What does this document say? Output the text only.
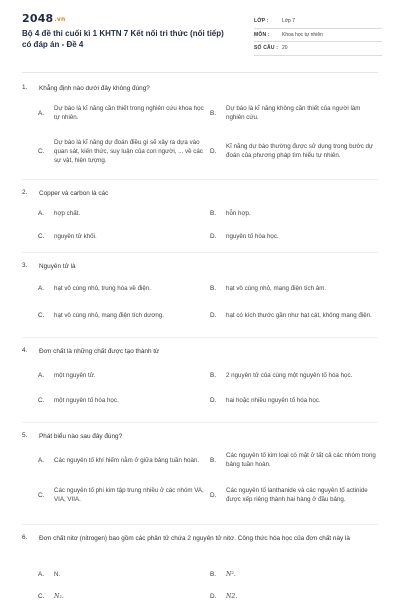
2048.vn
Bộ 4 đề thi cuối kì 1 KHTN 7 Kết nối tri thức (nối tiếp) có đáp án - Đề 4
LỚP :	Lớp 7
MÔN :	Khoa học tự nhiên
SỐ CÂU : 20
1. Khẳng định nào dưới đây không đúng?
A.
Dự báo là kĩ năng cần thiết trong nghiên cứu khoa học tự nhiên.
B.
Dự báo là kĩ năng không cần thiết của người làm nghiên cứu.
C.
Dự báo là kĩ năng dự đoán điều gì sẽ xảy ra dựa vào quan sát, kiến thức, suy luận của con người, ... về các sự vật, hiện tượng.
D.
Kĩ năng dự báo thường được sử dụng trong bước dự đoán của phương pháp tìm hiểu tự nhiên.
2. Copper và carbon là các
A.	hợp chất.	B.	hỗn hợp.
C.	nguyên tử khối.	D.	nguyên tố hóa học.
3. Nguyên tử là
A.	hạt vô cùng nhỏ, trung hòa về điện.	B.	hạt vô cùng nhỏ, mang điện tích âm.
C.	hạt vô cùng nhỏ, mang điện tích dương.	D.	hạt có kích thước gần như hạt cát, không mang điện.
4. Đơn chất là những chất được tạo thành từ
A.	một nguyên tử.	B.	2 nguyên tử của cùng một nguyên tố hóa học.
C.	một nguyên tố hóa học.	D.	hai hoặc nhiều nguyên tố hóa học.
5. Phát biểu nào sau đây đúng?
A.	Các nguyên tố khí hiếm nằm ở giữa bảng tuần hoàn. B.
Các nguyên tố kim loại có mặt ở tất cả các nhóm trong bảng tuần hoàn.
C.
Các nguyên tố phi kim tập trung nhiều ở các nhóm VA, VIA, VIIA.
D.
Các nguyên tố lanthanide và các nguyên tố actinide được xếp riêng thành hai hàng ở đầu bảng.
6. Đơn chất nitơ (nitrogen) bao gồm các phân tử chứa 2 nguyên tử nitơ. Công thức hóa học của đơn chất này là
A.	N.	B.	N².
C.	N₂.	D.	N2.
